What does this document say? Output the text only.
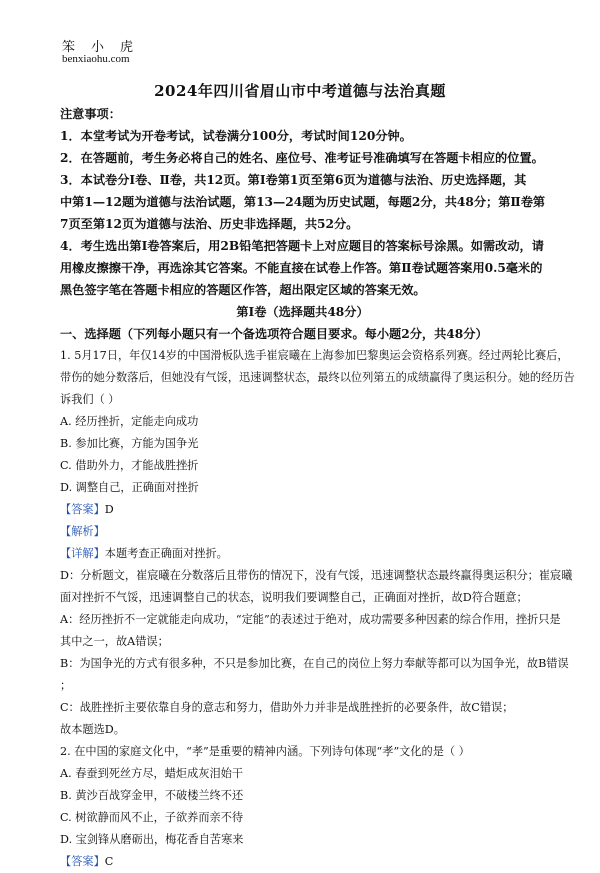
笨小虎
benxiaohu.com
2024年四川省眉山市中考道德与法治真题

注意事项：

1．本堂考试为开卷考试，试卷满分100分，考试时间120分钟。

2．在答题前，考生务必将自己的姓名、座位号、准考证号准确填写在答题卡相应的位置。

3．本试卷分Ⅰ卷、Ⅱ卷，共12页。第Ⅰ卷第1页至第6页为道德与法治、历史选择题，其

中第1—12题为道德与法治试题，第13—24题为历史试题，每题2分，共48分；第Ⅱ卷第

7页至第12页为道德与法治、历史非选择题，共52分。

4．考生选出第Ⅰ卷答案后，用2B铅笔把答题卡上对应题目的答案标号涂黑。如需改动，请

用橡皮擦擦干净，再选涂其它答案。不能直接在试卷上作答。第Ⅱ卷试题答案用0.5毫米的

黑色签字笔在答题卡相应的答题区作答，超出限定区域的答案无效。

第Ⅰ卷（选择题共48分）

一、选择题（下列每小题只有一个备选项符合题目要求。每小题2分，共48分）

1. 5月17日，年仅14岁的中国滑板队选手崔宸曦在上海参加巴黎奥运会资格系列赛。经过两轮比赛后，

带伤的她分数落后，但她没有气馁，迅速调整状态，最终以位列第五的成绩赢得了奥运积分。她的经历告

诉我们（ ）

A. 经历挫折，定能走向成功

B. 参加比赛，方能为国争光

C. 借助外力，才能战胜挫折

D. 调整自己，正确面对挫折

【答案】D

【解析】

【详解】本题考查正确面对挫折。

D：分析题文，崔宸曦在分数落后且带伤的情况下，没有气馁，迅速调整状态最终赢得奥运积分；崔宸曦

面对挫折不气馁，迅速调整自己的状态，说明我们要调整自己，正确面对挫折，故D符合题意；

A：经历挫折不一定就能走向成功，“定能”的表述过于绝对，成功需要多种因素的综合作用，挫折只是

其中之一，故A错误；

B：为国争光的方式有很多种，不只是参加比赛，在自己的岗位上努力奉献等都可以为国争光，故B错误

；

C：战胜挫折主要依靠自身的意志和努力，借助外力并非是战胜挫折的必要条件，故C错误；

故本题选D。

2. 在中国的家庭文化中，“孝”是重要的精神内涵。下列诗句体现“孝”文化的是（ ）

A. 春蚕到死丝方尽，蜡炬成灰泪始干

B. 黄沙百战穿金甲，不破楼兰终不还

C. 树欲静而风不止，子欲养而亲不待

D. 宝剑锋从磨砺出，梅花香自苦寒来

【答案】C
